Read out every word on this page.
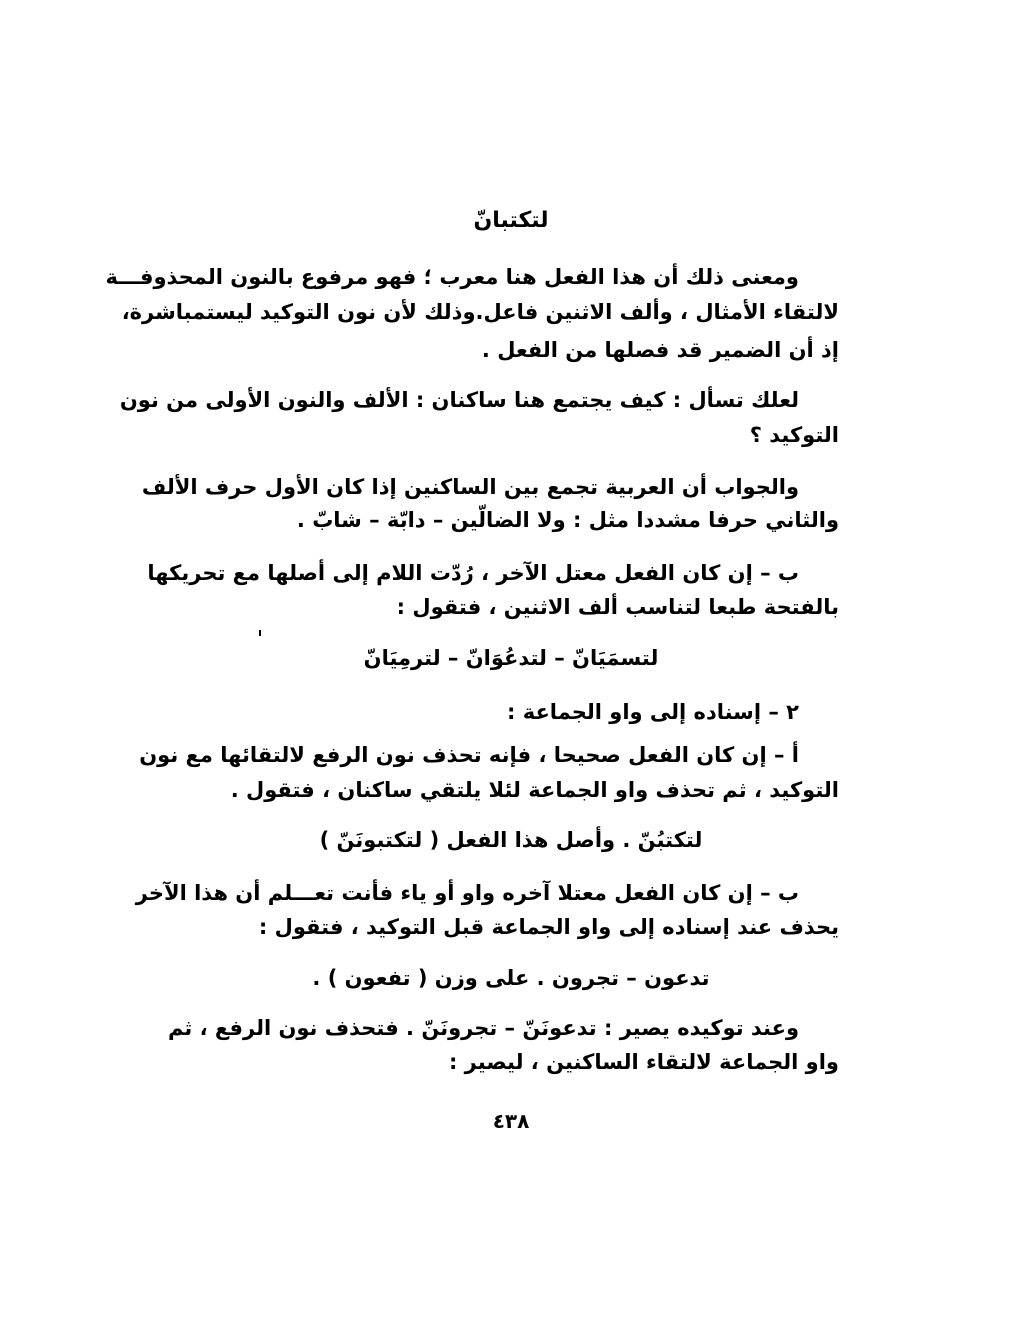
لتكتبانّ
ومعنى ذلك أن هذا الفعل هنا معرب ؛ فهو مرفوع بالنون المحذوفـــة
لالتقاء الأمثال ، وألف الاثنين فاعل.وذلك لأن نون التوكيد ليستمباشرة،
إذ أن الضمير قد فصلها من الفعل .
لعلك تسأل : كيف يجتمع هنا ساكنان : الألف والنون الأولى من نون
التوكيد ؟
والجواب أن العربية تجمع بين الساكنين إذا كان الأول حرف الألف
والثاني حرفا مشددا مثل : ولا الضالّين – دابّة – شابّ .
ب – إن كان الفعل معتل الآخر ، رُدّت اللام إلى أصلها مع تحريكها
بالفتحة طبعا لتناسب ألف الاثنين ، فتقول :
لتسمَيَانّ – لتدعُوَانّ – لترمِيَانّ
٢ – إسناده إلى واو الجماعة :
أ – إن كان الفعل صحيحا ، فإنه تحذف نون الرفع لالتقائها مع نون
التوكيد ، ثم تحذف واو الجماعة لئلا يلتقي ساكنان ، فتقول .
لتكتبُنّ . وأصل هذا الفعل ( لتكتبونَنّ )
ب – إن كان الفعل معتلا آخره واو أو ياء فأنت تعـــلم أن هذا الآخر
يحذف عند إسناده إلى واو الجماعة قبل التوكيد ، فتقول :
تدعون – تجرون . على وزن ( تفعون ) .
وعند توكيده يصير : تدعونَنّ – تجرونَنّ . فتحذف نون الرفع ، ثم
واو الجماعة لالتقاء الساكنين ، ليصير :
٤٣٨
